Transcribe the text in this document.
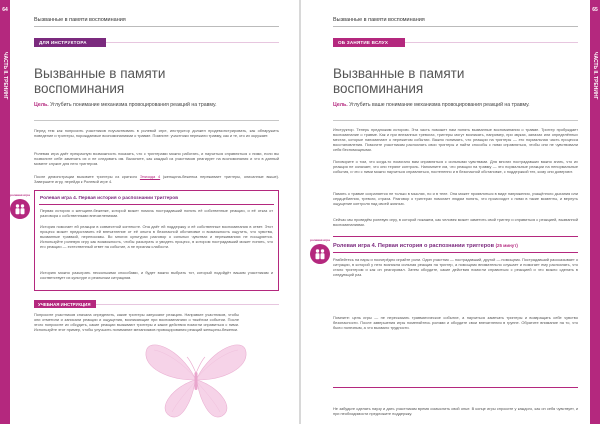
64
ЧАСТЬ II. ТРЕНИНГ
Вызванные в памяти воспоминания
ДЛЯ ИНСТРУКТОРА
Вызванные в памяти воспоминания
Цель. Углубить понимание механизма провоцирования реакций на травму.
Перед тем как попросить участников поучаствовать в ролевой игре, инструктор должен продемонстрировать, как обнаружить поведение и триггеры, порождаемые воспоминаниями о травме. Помните: участники пережили травму, как и те, кто их окружает.
Ролевая игра даёт прекрасную возможность показать, что с триггерами можно работать, и научиться справляться с ними, если вы позволите себе замечать их и не следовать им. Выясните, как каждый из участников реагирует на воспоминания и что в данный момент служит для него триггером.
После демонстрации вызовите триггеры из краткого Эпизода 4 (женщина-беженка переживает триггеры, описанные выше). Завершите игру, перейдя к Ролевой игре 4.
ролевая игра
Ролевая игра 4. Первая история о распознании триггеров
Первая история о женщине-беженке, которой может помочь пострадавший понять её собственные реакции, и её отказ от разговора с собственными впечатлениями.
История помогает ей реакции в совместной контексте. Она даёт ей поддержку и её собственные воспоминания в ответ. Этот процесс может предоставить ей впечатление от её опыта в безопасной обстановке и возможность ощутить, что чувства, вызванные травмой, переносимы. Во многих культурах разговор о сильных чувствах и переживаниях не поощряется. Используйте ролевую игру как возможность, чтобы разыграть и увидеть процесс, в котором пострадавший может понять, что его реакции — естественный ответ на событие, а не признак слабости.
Историю можно разыграть несколькими способами, и будет важно выбрать тот, который подойдёт вашим участникам и соответствует их культуре и реальным ситуациям.
УЧЕБНАЯ ИНСТРУКЦИЯ
Попросите участников сначала определить, какие триггеры запускают реакцию. Направьте участников, чтобы они отметили и записали реакции и ощущения, возникающие при воспоминаниях о тяжёлом событии. После этого попросите их обсудить, какие реакции вызывают триггеры и какие действия помогли справиться с ними. Используйте этот пример, чтобы улучшить понимание механизмов провоцирования реакций женщины-беженки.
65
ЧАСТЬ II. ТРЕНИНГ
Вызванные в памяти воспоминания
ОБ ЗАНЯТИЕ ВСЛУХ
Вызванные в памяти воспоминания
Цель. Углубить ваше понимание механизма провоцирования реакций на травму.
Инструктор. Теперь предложим историю. Эта часть поможет нам понять вызванные воспоминания о травме. Триггер пробуждает воспоминание о травме. Как и при внезапных тревогах, триггеры могут возникать, например, при звуках, запахах или определённых местах, которые напоминают о пережитом событии. Важно понимать, что реакции на триггеры — это нормальная часть процесса восстановления. Помогите участникам распознать свои триггеры и найти способы с ними справляться, чтобы они не чувствовали себя беспомощными.
Поговорите о том, что когда-то помогало вам справляться с сильными чувствами. Для многих пострадавших важно знать, что их реакция не означает, что они теряют контроль. Напомните им, что реакции на травму — это нормальные реакции на ненормальные события, и что с ними можно научиться справляться, постепенно и в безопасной обстановке, с поддержкой тех, кому они доверяют.
Память о травме сохраняется не только в мыслях, но и в теле. Она может проявляться в виде напряжения, учащённого дыхания или сердцебиения, тревоги, страха. Разговор о триггерах помогает людям понять, что происходит с ними в такие моменты, и вернуть ощущение контроля над своей жизнью.
Сейчас мы проведём ролевую игру, в которой покажем, как человек может заметить свой триггер и справиться с реакцией, вызванной воспоминаниями.
ролевая игра
Ролевая игра 4. Первая история о распознании триггеров (25 минут)
Разбейтесь на пары и поочерёдно играйте роли. Один участник — пострадавший, другой — помощник. Пострадавший рассказывает о ситуации, в которой у него возникла сильная реакция на триггер, а помощник внимательно слушает и помогает ему распознать, что стало триггером и как он реагировал. Затем обсудите, какие действия помогли справиться с реакцией и что можно сделать в следующий раз.
Помните: цель игры — не пересказать травматическое событие, а научиться замечать триггеры и возвращать себе чувство безопасности. После завершения игры поменяйтесь ролями и обсудите свои впечатления в группе. Обратите внимание на то, что было полезным, а что вызвало трудности.
Не забудьте сделать паузу и дать участникам время осмыслить свой опыт. В конце игры спросите у каждого, как он себя чувствует, и при необходимости предложите поддержку.
